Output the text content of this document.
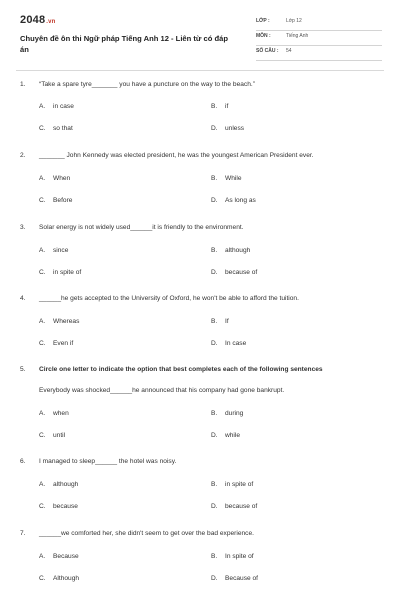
2048.vn
Chuyên đề ôn thi Ngữ pháp Tiếng Anh 12 - Liên từ có đáp án
LỚP :	Lớp 12
MÔN :	Tiếng Anh
SỐ CÂU : 54
1. “Take a spare tyre_______ you have a puncture on the way to the beach.”
A. in case	B. if
C. so that	D. unless
2. _______ John Kennedy was elected president, he was the youngest American President ever.
A. When	B. While
C. Before	D. As long as
3. Solar energy is not widely used______it is friendly to the environment.
A. since	B. although
C. in spite of	D. because of
4. ______he gets accepted to the University of Oxford, he won't be able to afford the tuition.
A. Whereas	B. If
C. Even if	D. In case
5. Circle one letter to indicate the option that best completes each of the following sentences
Everybody was shocked______he announced that his company had gone bankrupt.
A. when	B. during
C. until	D. while
6. I managed to sleep______ the hotel was noisy.
A. although	B. in spite of
C. because	D. because of
7. ______we comforted her, she didn't seem to get over the bad experience.
A. Because	B. In spite of
C. Although	D. Because of
